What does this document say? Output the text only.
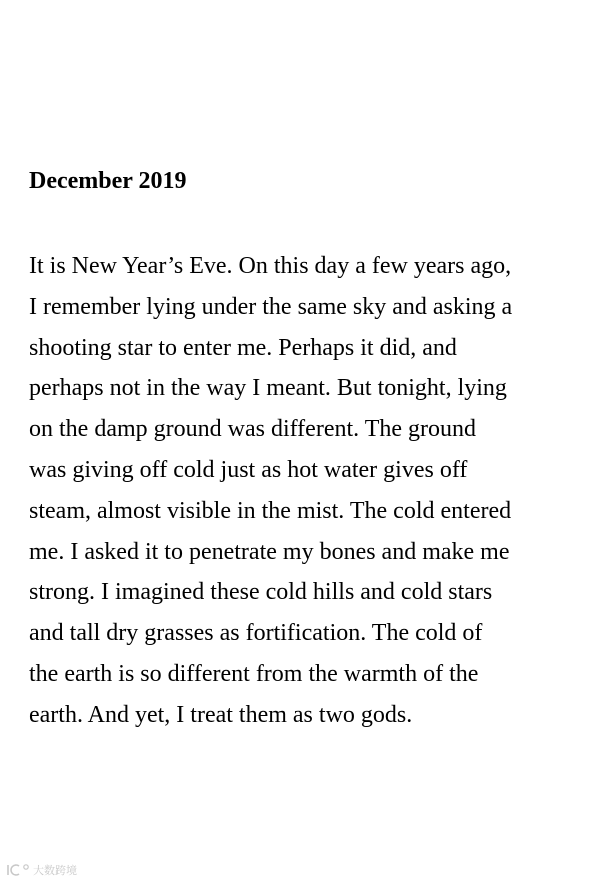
December 2019

It is New Year’s Eve. On this day a few years ago,
I remember lying under the same sky and asking a
shooting star to enter me. Perhaps it did, and
perhaps not in the way I meant. But tonight, lying
on the damp ground was different. The ground
was giving off cold just as hot water gives off
steam, almost visible in the mist. The cold entered
me. I asked it to penetrate my bones and make me
strong. I imagined these cold hills and cold stars
and tall dry grasses as fortification. The cold of
the earth is so different from the warmth of the
earth. And yet, I treat them as two gods.

大数跨境
